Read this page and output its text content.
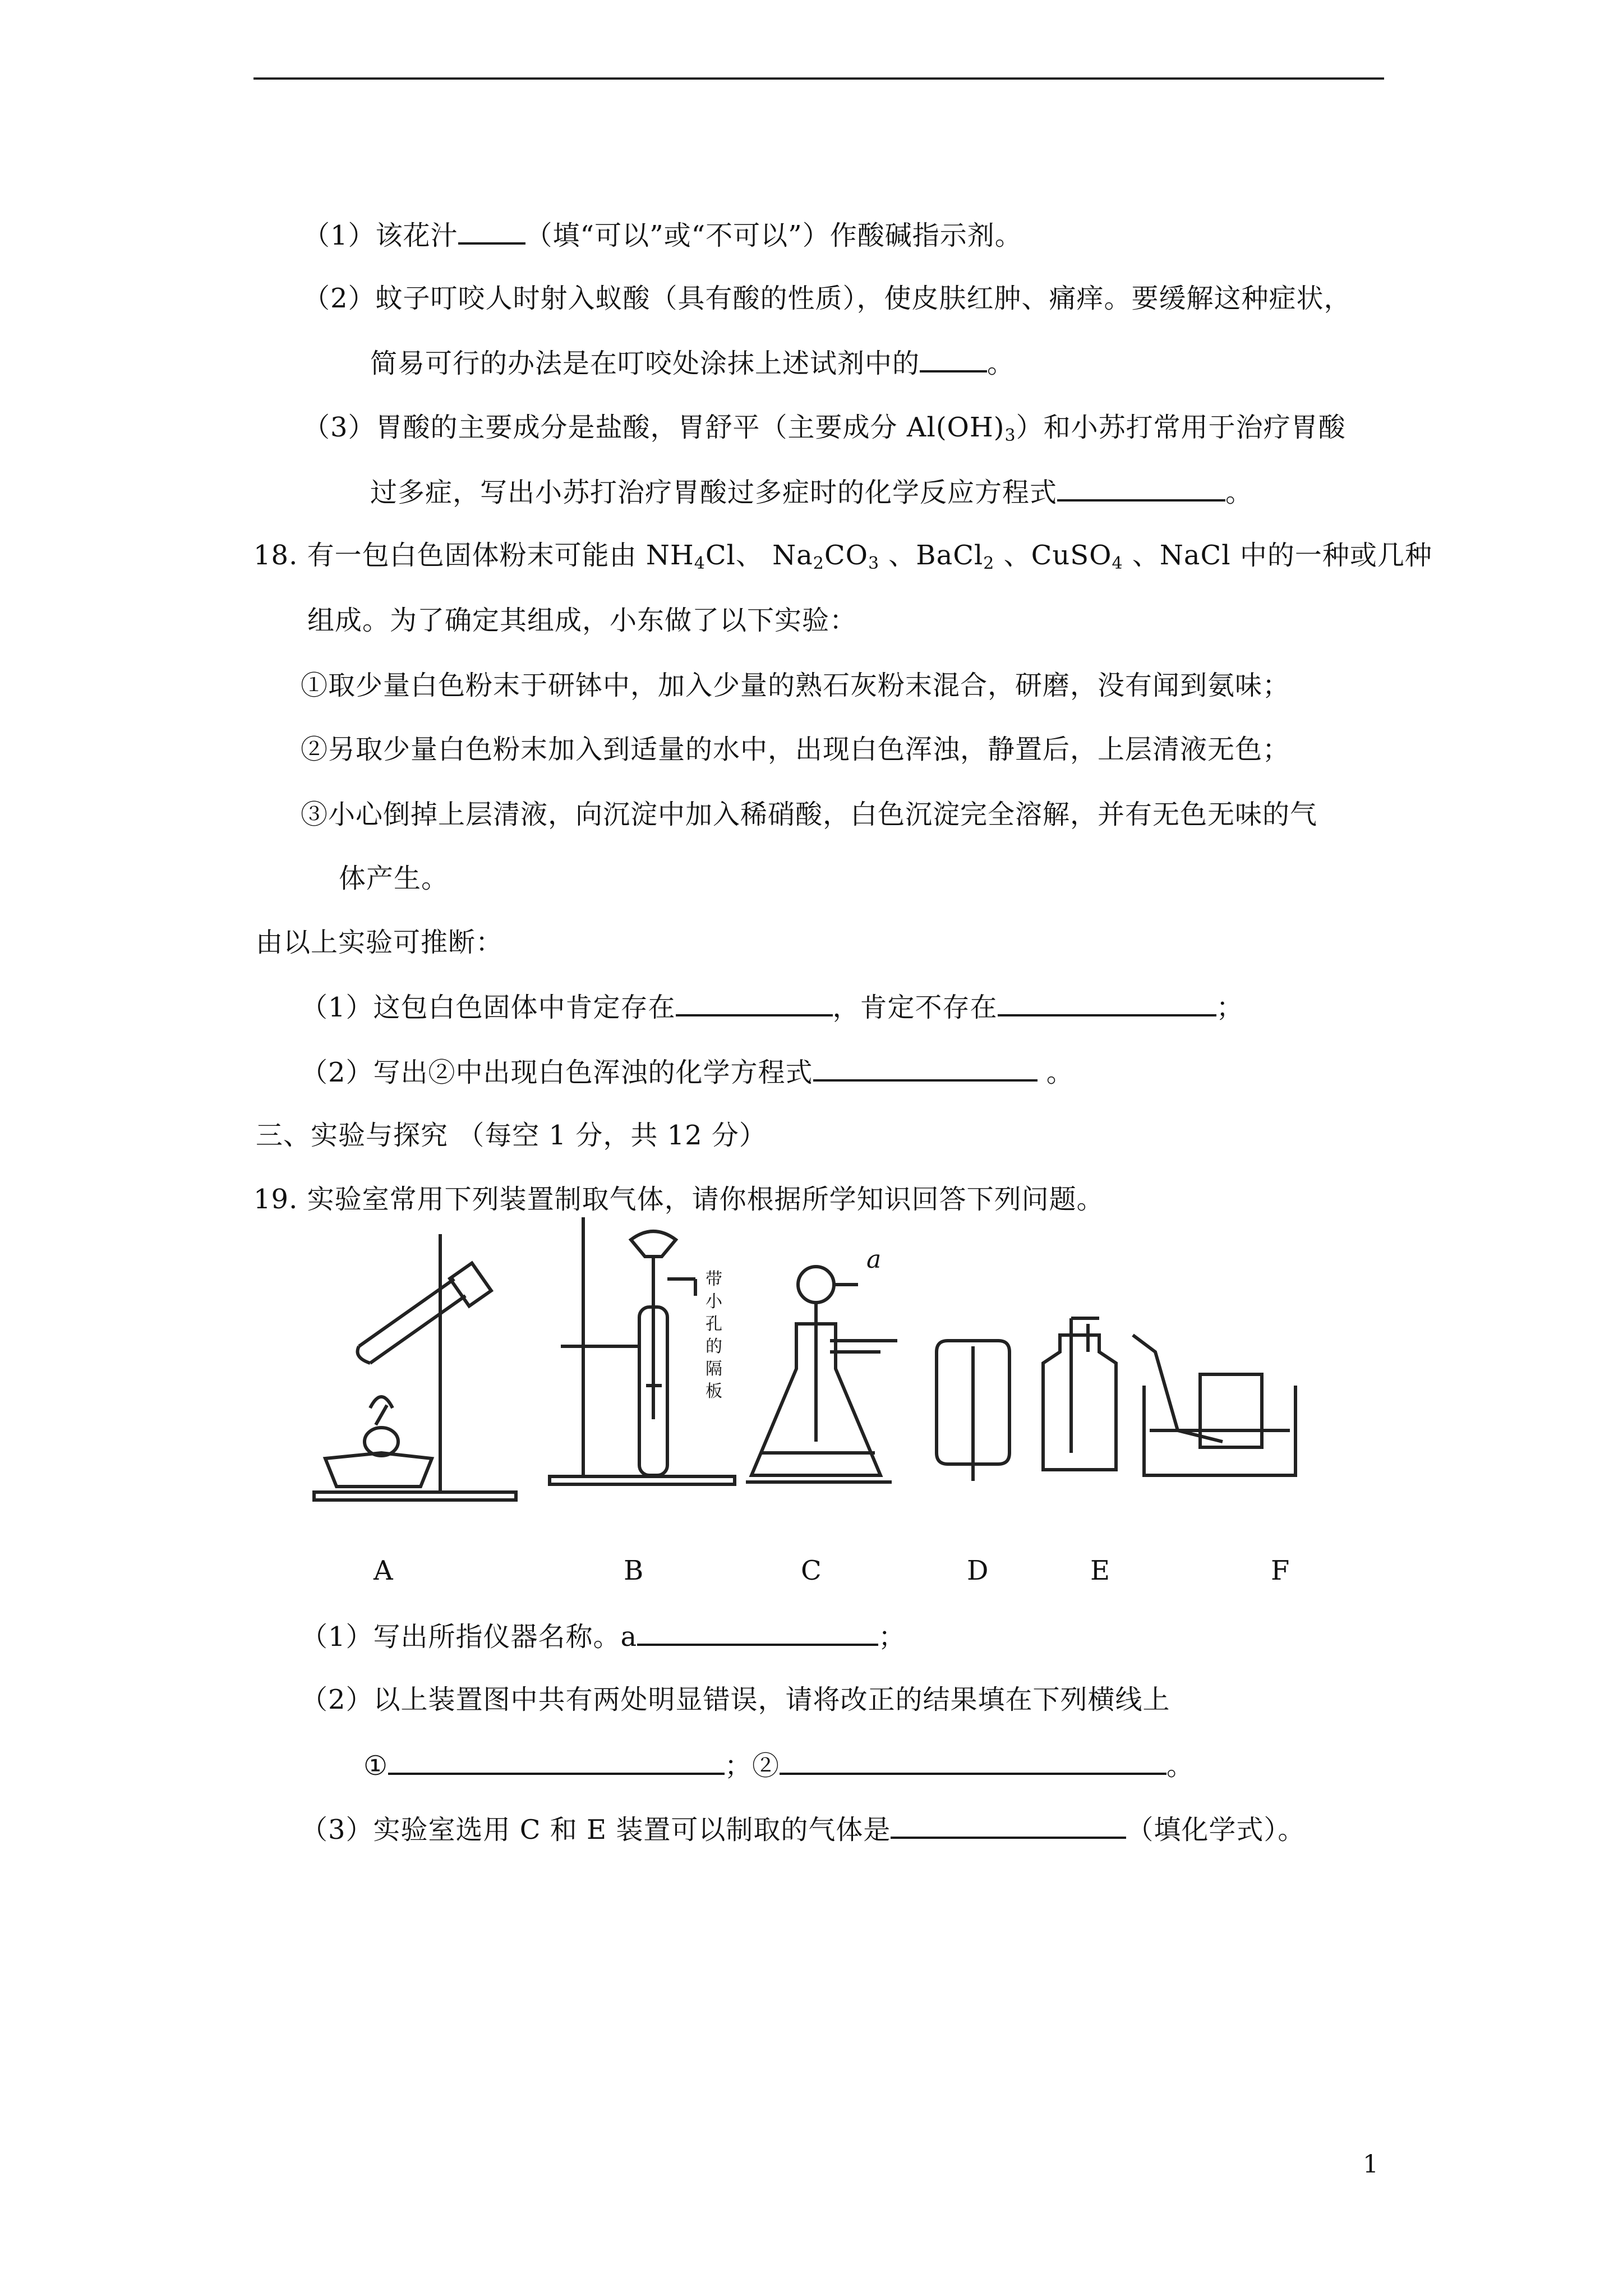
（1）该花汁	（填“可以”或“不可以”）作酸碱指示剂。
（2）蚊子叮咬人时射入蚁酸（具有酸的性质），使皮肤红肿、痛痒。要缓解这种症状，
简易可行的办法是在叮咬处涂抹上述试剂中的	。
（3）胃酸的主要成分是盐酸，胃舒平（主要成分 $Al(OH)_3$）和小苏打常用于治疗胃酸
过多症，写出小苏打治疗胃酸过多症时的化学反应方程式	。
18. 有一包白色固体粉末可能由 $NH_4Cl$、 $Na_2CO_3$ 、BaCl$_2$ 、CuSO$_4$ 、NaCl 中的一种或几种
组成。为了确定其组成，小东做了以下实验：
①取少量白色粉末于研钵中，加入少量的熟石灰粉末混合，研磨，没有闻到氨味；
②另取少量白色粉末加入到适量的水中，出现白色浑浊，静置后，上层清液无色；
③小心倒掉上层清液，向沉淀中加入稀硝酸，白色沉淀完全溶解，并有无色无味的气
体产生。
由以上实验可推断：
（1）这包白色固体中肯定存在	，肯定不存在	；
（2）写出②中出现白色浑浊的化学方程式	。
三、实验与探究 （每空 1 分，共 12 分）
19. 实验室常用下列装置制取气体，请你根据所学知识回答下列问题。
a
带
小
孔
的
隔
板
A	B	C	D	E	F
（1）写出所指仪器名称。a	；
（2）以上装置图中共有两处明显错误，请将改正的结果填在下列横线上
①	；②	。
（3）实验室选用 C 和 E 装置可以制取的气体是	（填化学式）。
1
